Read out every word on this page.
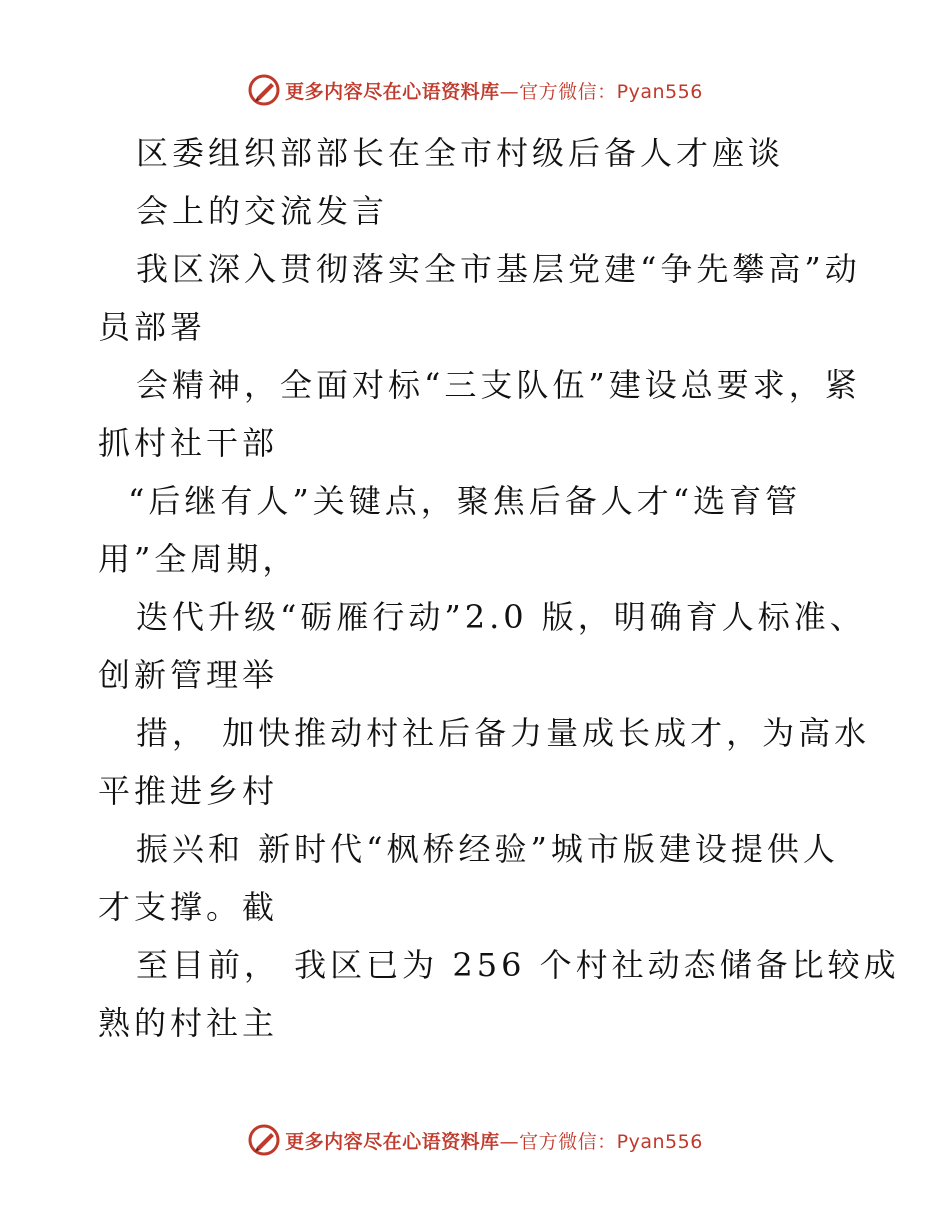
更多内容尽在心语资料库—官方微信：Pyan556
区委组织部部长在全市村级后备人才座谈
会上的交流发言
我区深入贯彻落实全市基层党建“争先攀高”动
员部署
会精神，全面对标“三支队伍”建设总要求，紧
抓村社干部
“后继有人”关键点，聚焦后备人才“选育管
用”全周期，
迭代升级“砺雁行动”2.0 版，明确育人标准、
创新管理举
措， 加快推动村社后备力量成长成才，为高水
平推进乡村
振兴和 新时代“枫桥经验”城市版建设提供人
才支撑。截
至目前， 我区已为 256 个村社动态储备比较成
熟的村社主
更多内容尽在心语资料库—官方微信：Pyan556
